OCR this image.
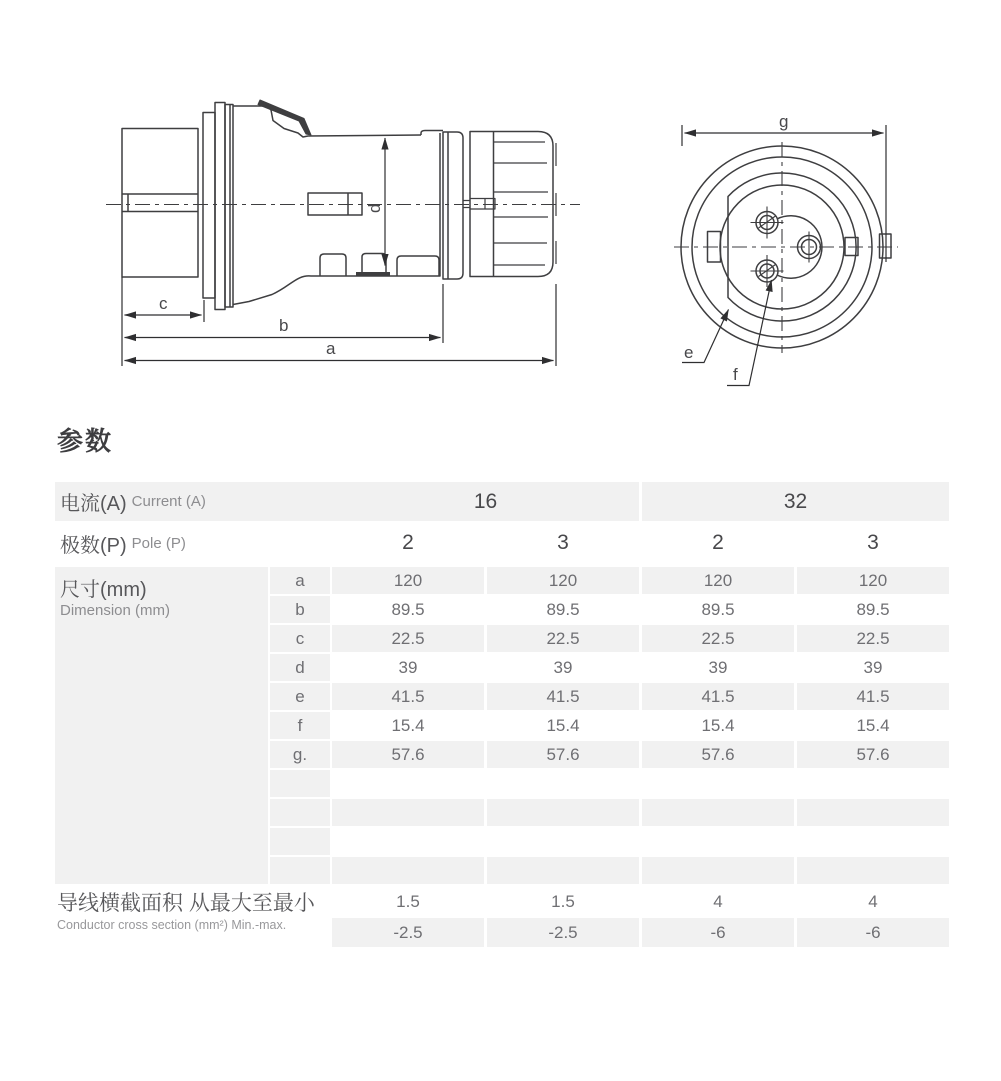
c
b
a
d
g
e
f
参数
尺寸(mm)
Dimension (mm)
导线横截面积 从最大至最小
Conductor cross section (mm²) Min.-max.
电流(A) Current (A)	16	32
极数(P) Pole (P)	2	3	2	3
a	120	120	120	120
b	89.5	89.5	89.5	89.5
c	22.5	22.5	22.5	22.5
d	39	39	39	39
e	41.5	41.5	41.5	41.5
f	15.4	15.4	15.4	15.4
g.	57.6	57.6	57.6	57.6
1.5	1.5	4	4
-2.5	-2.5	-6	-6
